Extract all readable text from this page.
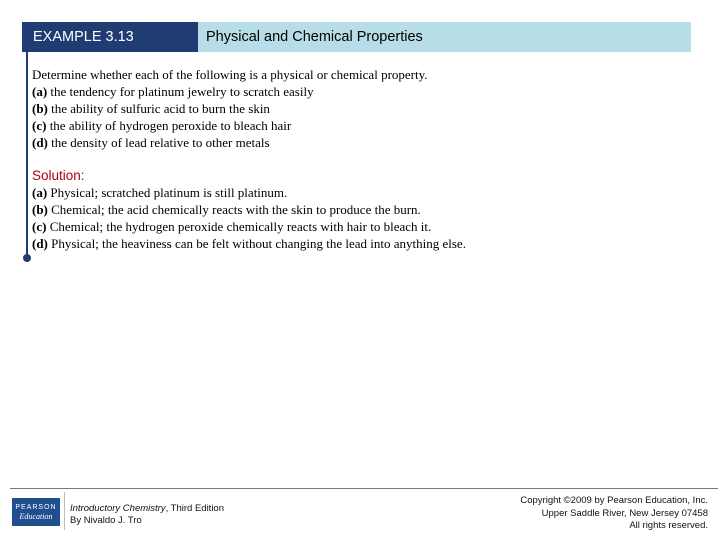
EXAMPLE 3.13	Physical and Chemical Properties

Determine whether each of the following is a physical or chemical property.

(a) the tendency for platinum jewelry to scratch easily

(b) the ability of sulfuric acid to burn the skin

(c) the ability of hydrogen peroxide to bleach hair

(d) the density of lead relative to other metals

Solution:

(a) Physical; scratched platinum is still platinum.

(b) Chemical; the acid chemically reacts with the skin to produce the burn.

(c) Chemical; the hydrogen peroxide chemically reacts with hair to bleach it.

(d) Physical; the heaviness can be felt without changing the lead into anything else.

PEARSON
Education
Introductory Chemistry, Third Edition
By Nivaldo J. Tro
Copyright ©2009 by Pearson Education, Inc.
Upper Saddle River, New Jersey 07458
All rights reserved.
